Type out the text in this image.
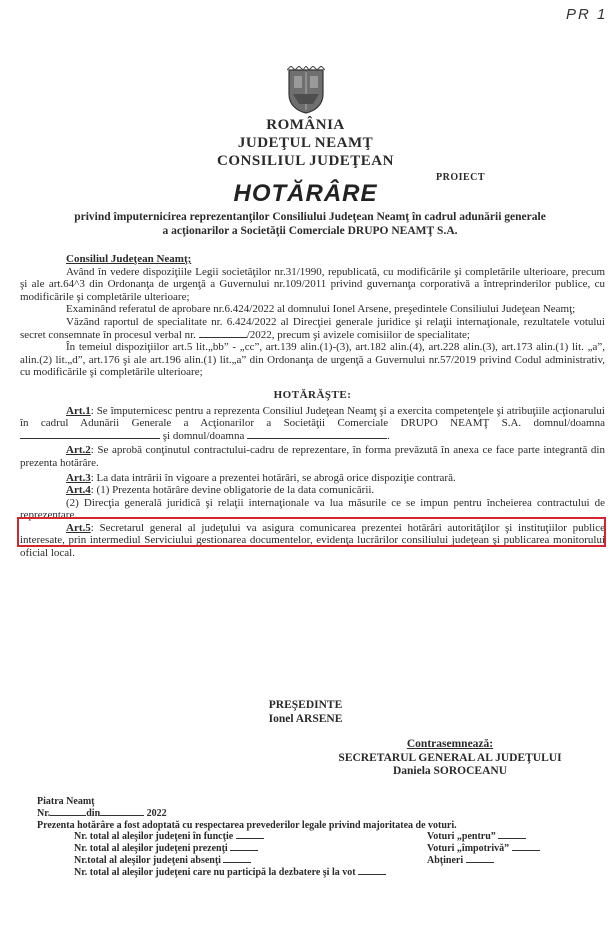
PR 1
ROMÂNIA
JUDEŢUL NEAMŢ
CONSILIUL JUDEŢEAN
PROIECT
HOTĂRÂRE
privind împuternicirea reprezentanţilor Consiliului Judeţean Neamţ în cadrul adunării generale a acţionarilor a Societăţii Comerciale DRUPO NEAMŢ S.A.

Consiliul Judeţean Neamţ;

Având în vedere dispoziţiile Legii societăţilor nr.31/1990, republicată, cu modificările şi completările ulterioare, precum şi ale art.64^3 din Ordonanţa de urgenţă a Guvernului nr.109/2011 privind guvernanţa corporativă a întreprinderilor publice, cu modificările şi completările ulterioare;

Examinând referatul de aprobare nr.6.424/2022 al domnului Ionel Arsene, preşedintele Consiliului Judeţean Neamţ;

Văzând raportul de specialitate nr. 6.424/2022 al Direcţiei generale juridice şi relaţii internaţionale, rezultatele votului secret consemnate în procesul verbal nr.	/2022, precum şi avizele comisiilor de specialitate;

În temeiul dispoziţiilor art.5 lit.„bb” - „cc”, art.139 alin.(1)-(3), art.182 alin.(4), art.228 alin.(3), art.173 alin.(1) lit. „a”, alin.(2) lit.„d”, art.176 şi ale art.196 alin.(1) lit.„a” din Ordonanţa de urgenţă a Guvernului nr.57/2019 privind Codul administrativ, cu modificările şi completările ulterioare;

HOTĂRĂŞTE:

Art.1: Se împuternicesc pentru a reprezenta Consiliul Judeţean Neamţ şi a exercita competenţele şi atribuţiile acţionarului în cadrul Adunării Generale a Acţionarilor a Societăţii Comerciale DRUPO NEAMŢ S.A. domnul/doamna  şi domnul/doamna	.

Art.2: Se aprobă conţinutul contractului-cadru de reprezentare, în forma prevăzută în anexa ce face parte integrantă din prezenta hotărâre.

Art.3: La data intrării în vigoare a prezentei hotărâri, se abrogă orice dispoziţie contrară.

Art.4: (1) Prezenta hotărâre devine obligatorie de la data comunicării.

(2) Direcţia generală juridică şi relaţii internaţionale va lua măsurile ce se impun pentru încheierea contractului de reprezentare.

Art.5: Secretarul general al judeţului va asigura comunicarea prezentei hotărâri autorităţilor şi instituţiilor publice interesate, prin intermediul Serviciului gestionarea documentelor, evidenţa lucrărilor consiliului judeţean şi publicarea monitorului oficial local.

PREŞEDINTE
Ionel ARSENE
Contrasemnează:
SECRETARUL GENERAL AL JUDEŢULUI
Daniela SOROCEANU

Piatra Neamţ

Nr.	din	2022

Prezenta hotărâre a fost adoptată cu respectarea prevederilor legale privind majoritatea de voturi.

Nr. total al aleşilor judeţeni în funcţie	Voturi „pentru”
Nr. total al aleşilor judeţeni prezenţi	Voturi „împotrivă”
Nr.total al aleşilor judeţeni absenţi	Abţineri
Nr. total al aleşilor judeţeni care nu participă la dezbatere şi la vot
